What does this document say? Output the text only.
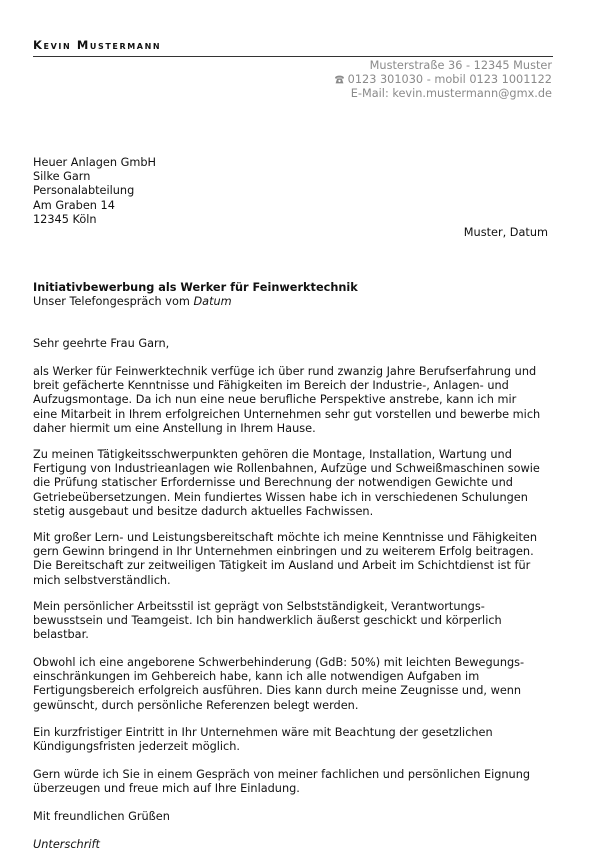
Kevin Mustermann
Musterstraße 36 - 12345 Muster
0123 301030 - mobil 0123 1001122
E-Mail: kevin.mustermann@gmx.de
Heuer Anlagen GmbH
Silke Garn
Personalabteilung
Am Graben 14
12345 Köln
Muster, Datum
Initiativbewerbung als Werker für Feinwerktechnik
Unser Telefongespräch vom Datum
Sehr geehrte Frau Garn,
als Werker für Feinwerktechnik verfüge ich über rund zwanzig Jahre Berufserfahrung und
breit gefächerte Kenntnisse und Fähigkeiten im Bereich der Industrie-, Anlagen- und
Aufzugsmontage. Da ich nun eine neue berufliche Perspektive anstrebe, kann ich mir
eine Mitarbeit in Ihrem erfolgreichen Unternehmen sehr gut vorstellen und bewerbe mich
daher hiermit um eine Anstellung in Ihrem Hause.
Zu meinen Tätigkeitsschwerpunkten gehören die Montage, Installation, Wartung und
Fertigung von Industrieanlagen wie Rollenbahnen, Aufzüge und Schweißmaschinen sowie
die Prüfung statischer Erfordernisse und Berechnung der notwendigen Gewichte und
Getriebeübersetzungen. Mein fundiertes Wissen habe ich in verschiedenen Schulungen
stetig ausgebaut und besitze dadurch aktuelles Fachwissen.
Mit großer Lern- und Leistungsbereitschaft möchte ich meine Kenntnisse und Fähigkeiten
gern Gewinn bringend in Ihr Unternehmen einbringen und zu weiterem Erfolg beitragen.
Die Bereitschaft zur zeitweiligen Tätigkeit im Ausland und Arbeit im Schichtdienst ist für
mich selbstverständlich.
Mein persönlicher Arbeitsstil ist geprägt von Selbstständigkeit, Verantwortungs-
bewusstsein und Teamgeist. Ich bin handwerklich äußerst geschickt und körperlich
belastbar.
Obwohl ich eine angeborene Schwerbehinderung (GdB: 50%) mit leichten Bewegungs-
einschränkungen im Gehbereich habe, kann ich alle notwendigen Aufgaben im
Fertigungsbereich erfolgreich ausführen. Dies kann durch meine Zeugnisse und, wenn
gewünscht, durch persönliche Referenzen belegt werden.
Ein kurzfristiger Eintritt in Ihr Unternehmen wäre mit Beachtung der gesetzlichen
Kündigungsfristen jederzeit möglich.
Gern würde ich Sie in einem Gespräch von meiner fachlichen und persönlichen Eignung
überzeugen und freue mich auf Ihre Einladung.
Mit freundlichen Grüßen
Unterschrift
